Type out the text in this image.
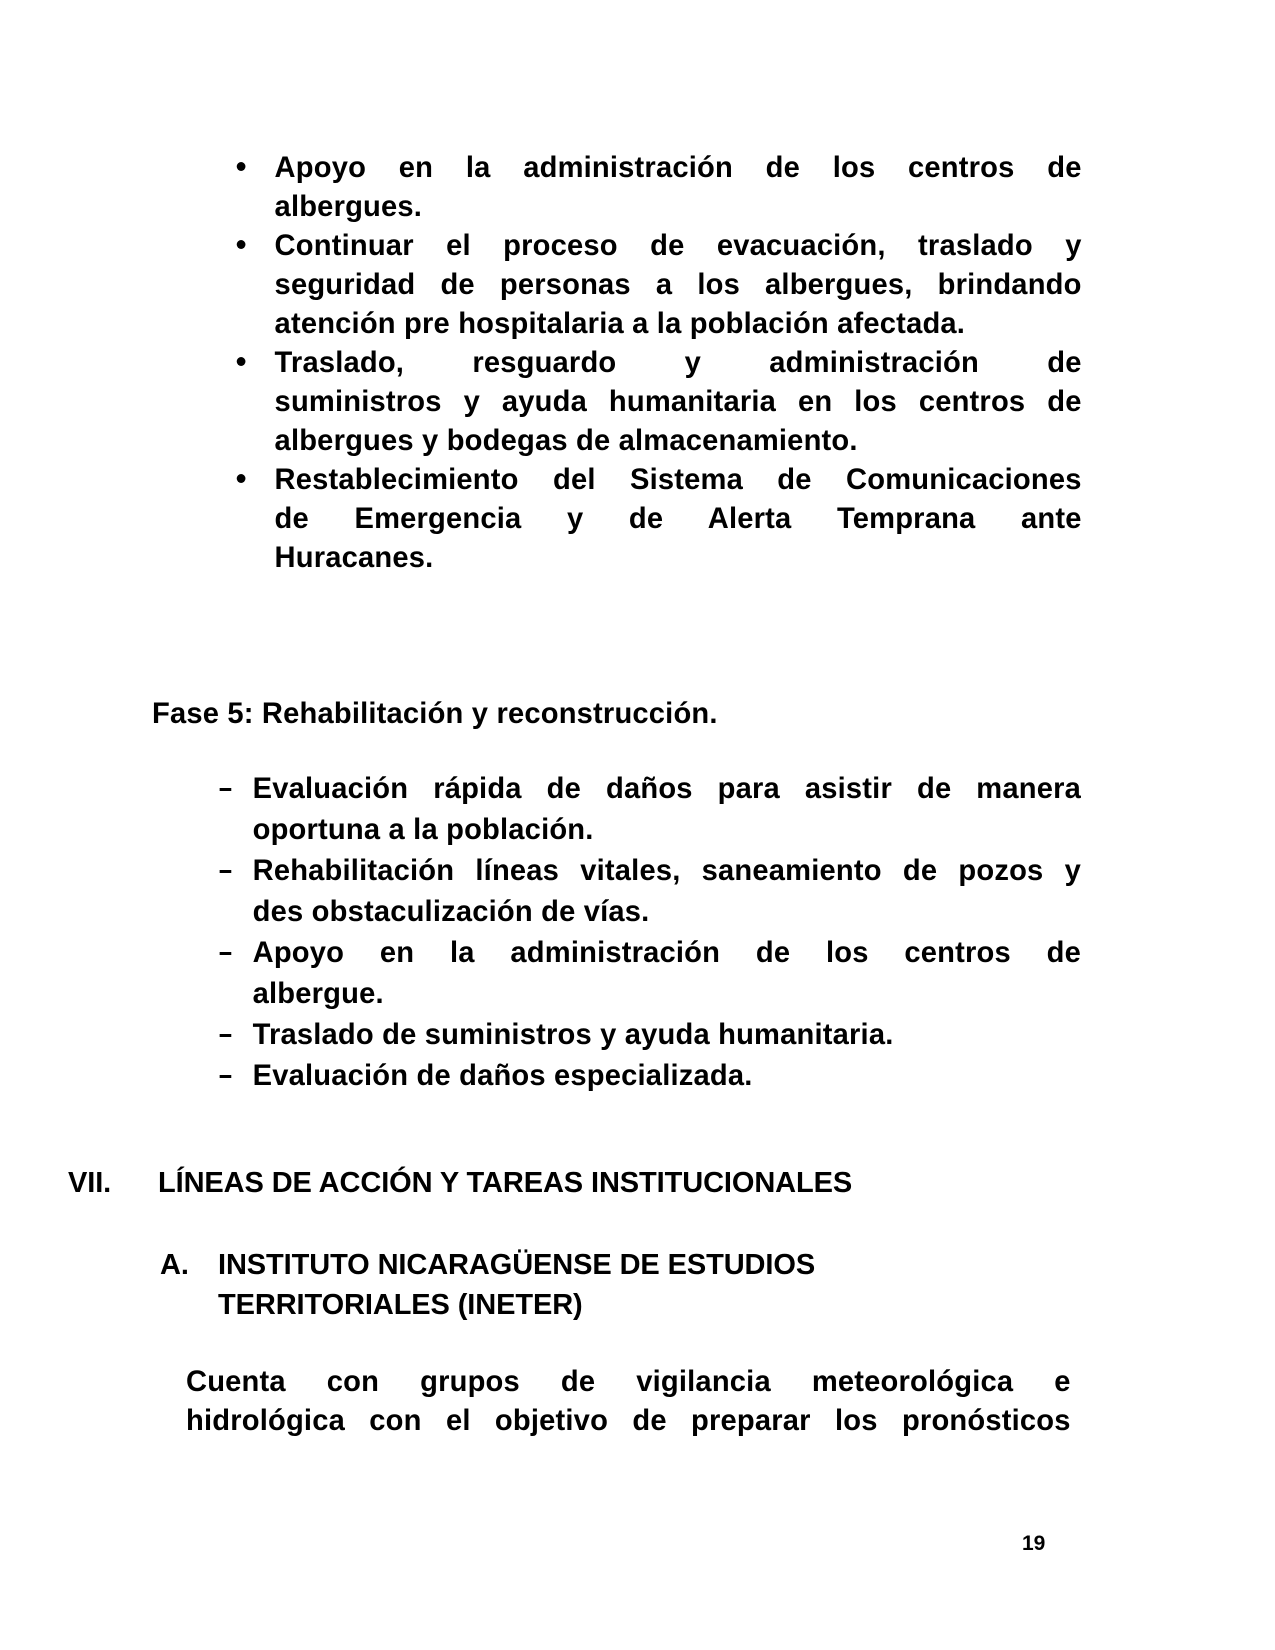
Apoyo en la administración de los centros de
albergues.
Continuar el proceso de evacuación, traslado y
seguridad de personas a los albergues, brindando
atención pre hospitalaria a la población afectada.
Traslado, resguardo y administración de
suministros y ayuda humanitaria en los centros de
albergues y bodegas de almacenamiento.
Restablecimiento del Sistema de Comunicaciones
de Emergencia y de Alerta Temprana ante
Huracanes.
Fase 5: Rehabilitación y reconstrucción.
Evaluación rápida de daños para asistir de manera
oportuna a la población.
Rehabilitación líneas vitales, saneamiento de pozos y
des obstaculización de vías.
Apoyo en la administración de los centros de
albergue.
Traslado de suministros y ayuda humanitaria.
Evaluación de daños especializada.
VII. LÍNEAS DE ACCIÓN Y TAREAS INSTITUCIONALES
A. INSTITUTO NICARAGÜENSE DE ESTUDIOS
TERRITORIALES (INETER)
Cuenta con grupos de vigilancia meteorológica e
hidrológica con el objetivo de preparar los pronósticos
19
